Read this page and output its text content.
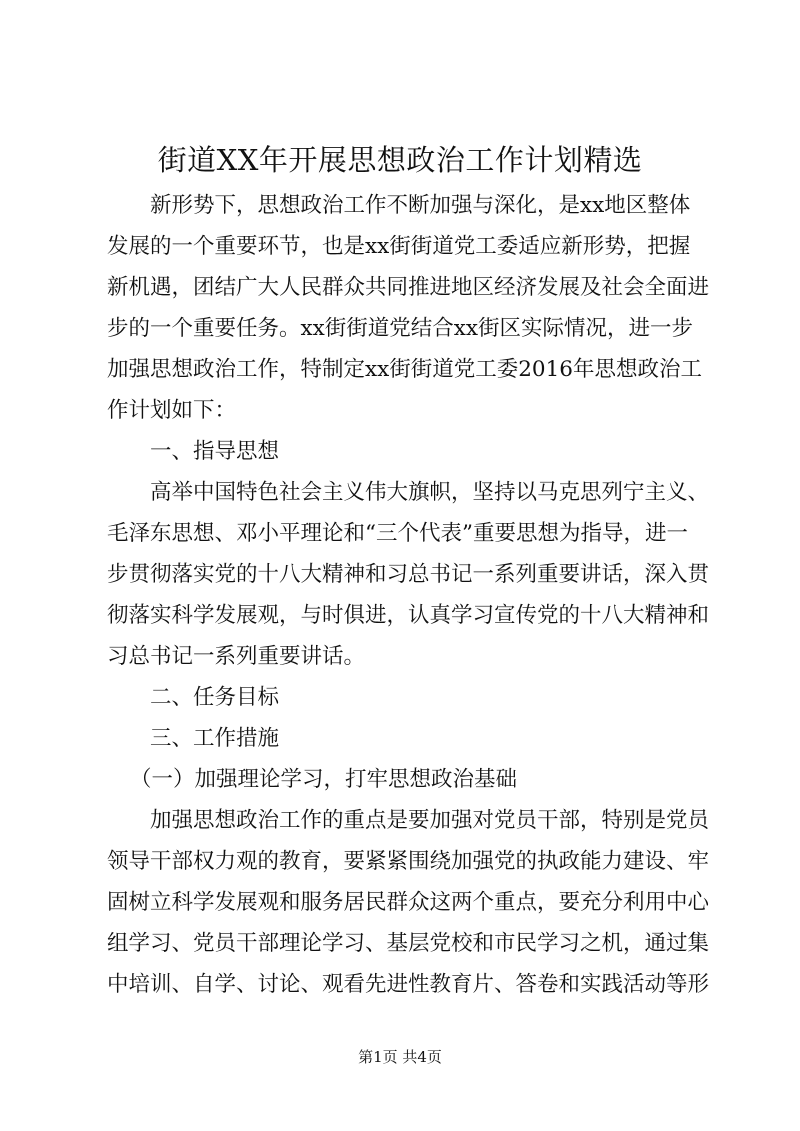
街道XX年开展思想政治工作计划精选

新形势下，思想政治工作不断加强与深化，是xx地区整体

发展的一个重要环节，也是xx街街道党工委适应新形势，把握

新机遇，团结广大人民群众共同推进地区经济发展及社会全面进

步的一个重要任务。xx街街道党结合xx街区实际情况，进一步

加强思想政治工作，特制定xx街街道党工委2016年思想政治工

作计划如下：

一、指导思想

高举中国特色社会主义伟大旗帜，坚持以马克思列宁主义、

毛泽东思想、邓小平理论和“三个代表”重要思想为指导，进一

步贯彻落实党的十八大精神和习总书记一系列重要讲话，深入贯

彻落实科学发展观，与时俱进，认真学习宣传党的十八大精神和

习总书记一系列重要讲话。

二、任务目标

三、工作措施

（一）加强理论学习，打牢思想政治基础

加强思想政治工作的重点是要加强对党员干部，特别是党员

领导干部权力观的教育，要紧紧围绕加强党的执政能力建设、牢

固树立科学发展观和服务居民群众这两个重点，要充分利用中心

组学习、党员干部理论学习、基层党校和市民学习之机，通过集

中培训、自学、讨论、观看先进性教育片、答卷和实践活动等形

第1页 共4页
